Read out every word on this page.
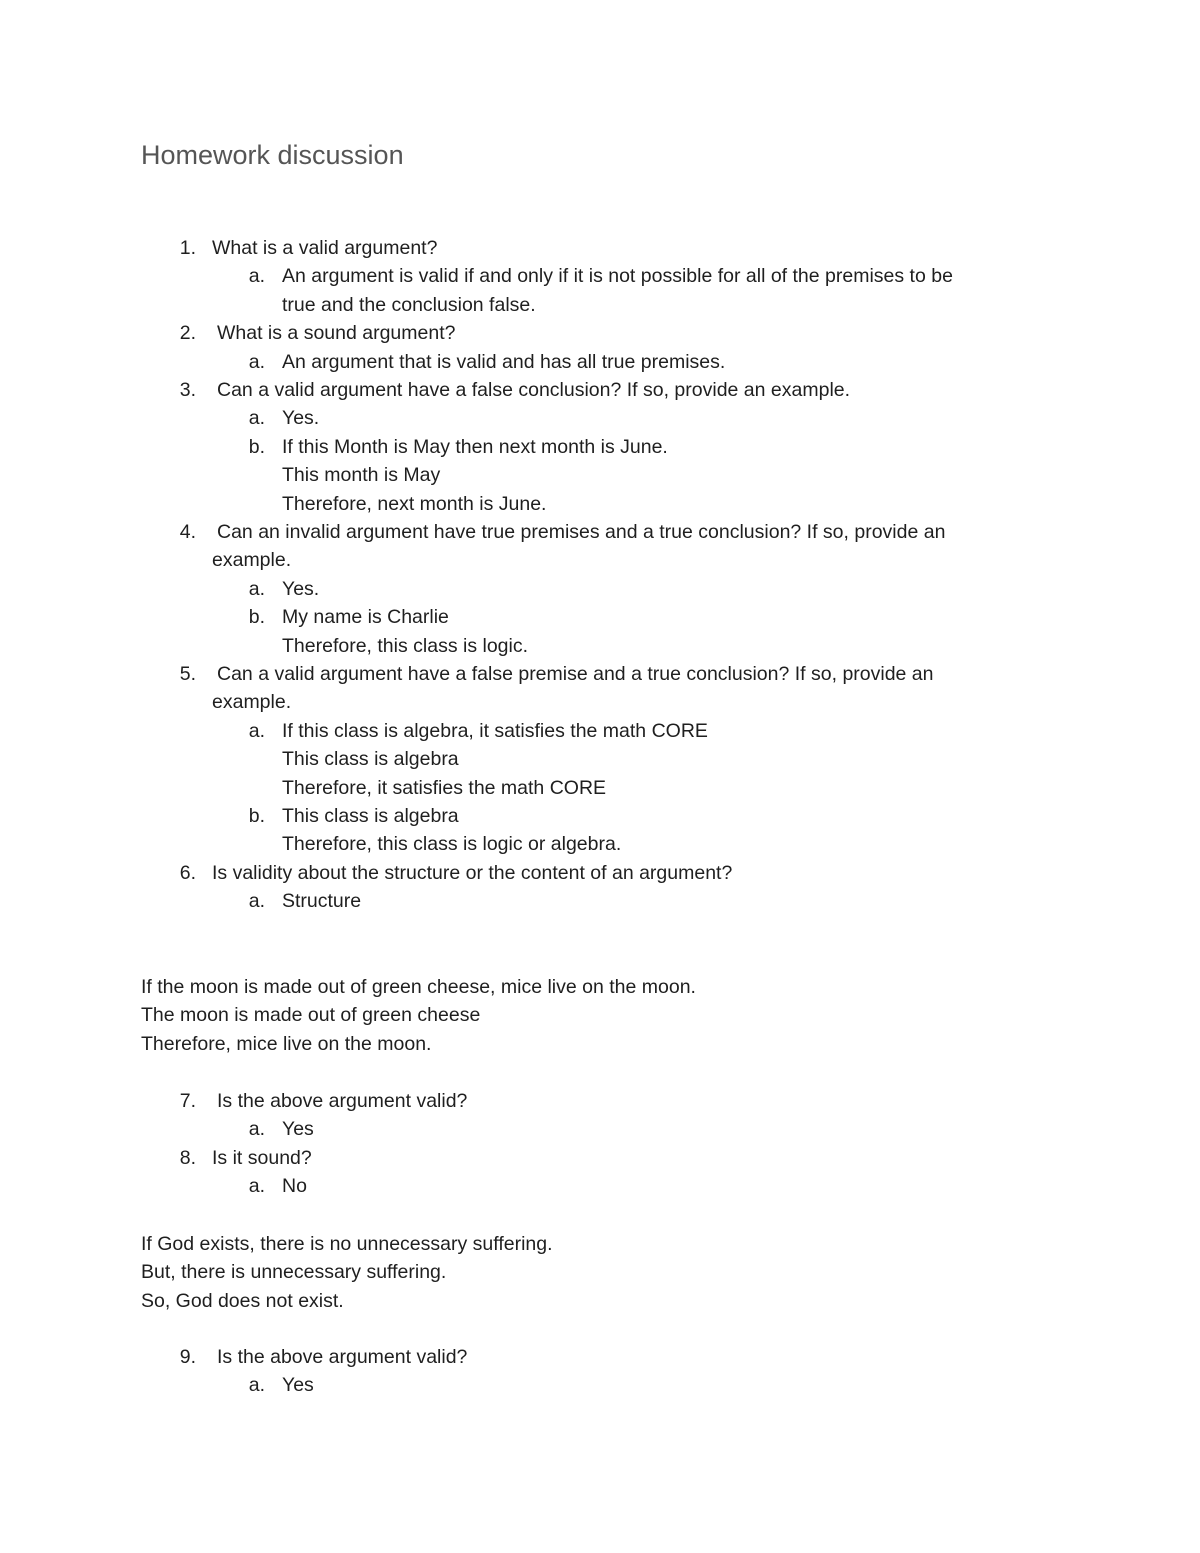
Homework discussion
1. What is a valid argument?
a. An argument is valid if and only if it is not possible for all of the premises to be
true and the conclusion false.
2. What is a sound argument?
a. An argument that is valid and has all true premises.
3. Can a valid argument have a false conclusion? If so, provide an example.
a. Yes.
b. If this Month is May then next month is June.
This month is May
Therefore, next month is June.
4. Can an invalid argument have true premises and a true conclusion? If so, provide an
example.
a. Yes.
b. My name is Charlie
Therefore, this class is logic.
5. Can a valid argument have a false premise and a true conclusion? If so, provide an
example.
a. If this class is algebra, it satisfies the math CORE
This class is algebra
Therefore, it satisfies the math CORE
b. This class is algebra
Therefore, this class is logic or algebra.
6. Is validity about the structure or the content of an argument?
a. Structure
If the moon is made out of green cheese, mice live on the moon.
The moon is made out of green cheese
Therefore, mice live on the moon.
7. Is the above argument valid?
a. Yes
8. Is it sound?
a. No
If God exists, there is no unnecessary suffering.
But, there is unnecessary suffering.
So, God does not exist.
9. Is the above argument valid?
a. Yes
